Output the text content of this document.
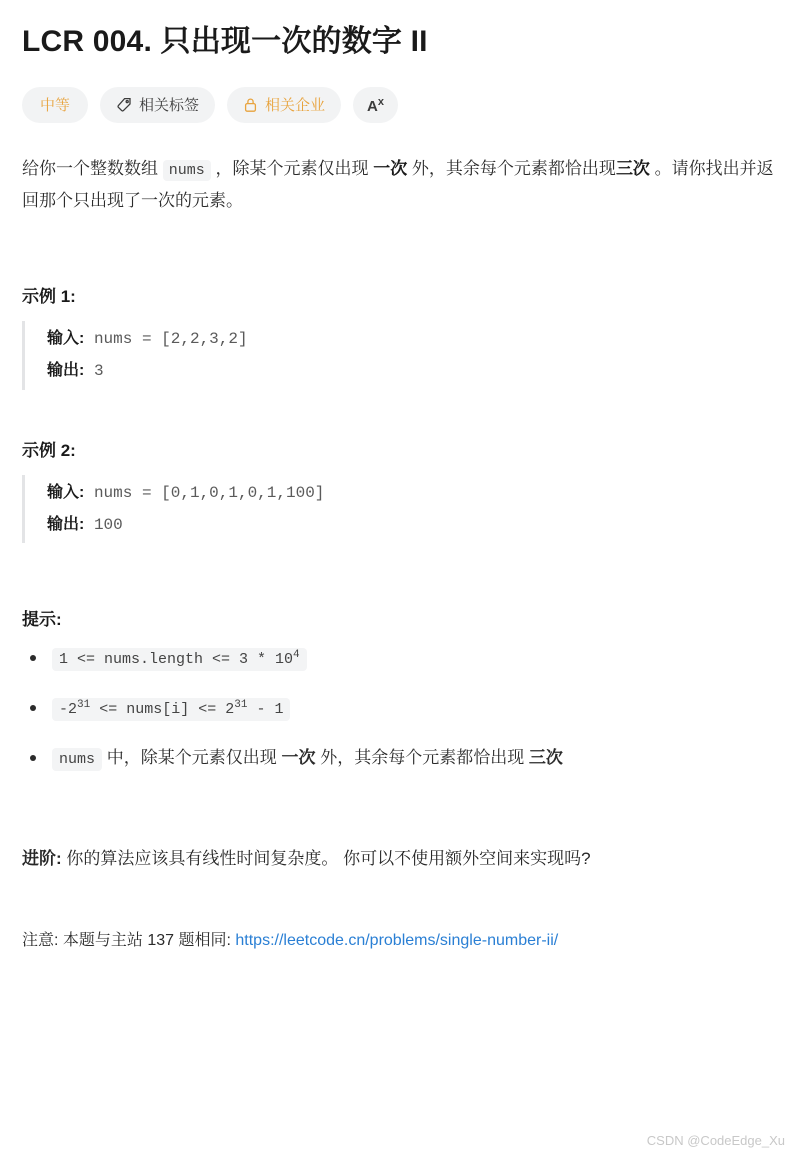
LCR 004. 只出现一次的数字 II
中等	相关标签	相关企业	$A^x$

给你一个整数数组 nums ，除某个元素仅出现 一次 外，其余每个元素都恰出现三次 。请你找出并返回那个只出现了一次的元素。

示例 1:
输入: nums = [2,2,3,2]
输出: 3
示例 2:
输入: nums = [0,1,0,1,0,1,100]
输出: 100
提示:
1 <= nums.length <= $3 * 10^4$
$-2^{31}$ <= nums[i] <= $2^{31} - 1$
nums 中，除某个元素仅出现 一次 外，其余每个元素都恰出现 三次

进阶: 你的算法应该具有线性时间复杂度。 你可以不使用额外空间来实现吗?

注意: 本题与主站 137 题相同: https://leetcode.cn/problems/single-number-ii/

CSDN @CodeEdge_Xu
